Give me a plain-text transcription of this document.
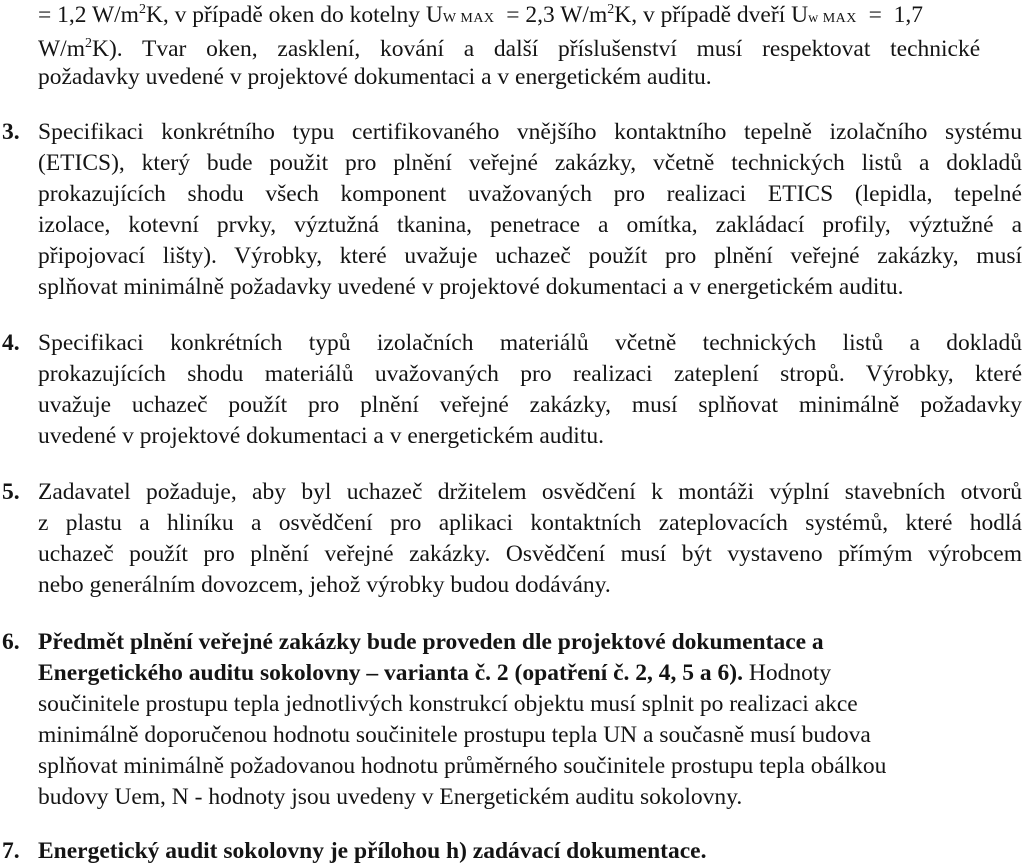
= 1,2 $W/m^2K$, v případě oken do kotelny UW MAX  = 2,3 $W/m^2K$, v případě dveří Uw MAX  =  1,7
$W/m^2K$).  Tvar  oken,  zasklení,  kování  a  další  příslušenství  musí  respektovat  technické
požadavky uvedené v projektové dokumentaci a v energetickém auditu.
3. Specifikaci konkrétního typu certifikovaného vnějšího kontaktního tepelně izolačního systému
(ETICS), který bude použit pro plnění veřejné zakázky, včetně technických listů a dokladů
prokazujících shodu všech komponent uvažovaných pro realizaci ETICS (lepidla, tepelné
izolace, kotevní prvky, výztužná tkanina, penetrace a omítka, zakládací profily, výztužné a
připojovací lišty). Výrobky, které uvažuje uchazeč použít pro plnění veřejné zakázky, musí
splňovat minimálně požadavky uvedené v projektové dokumentaci a v energetickém auditu.
4. Specifikaci konkrétních typů izolačních materiálů včetně technických listů a dokladů
prokazujících shodu materiálů uvažovaných pro realizaci zateplení stropů. Výrobky, které
uvažuje uchazeč použít pro plnění veřejné zakázky, musí splňovat minimálně požadavky
uvedené v projektové dokumentaci a v energetickém auditu.
5. Zadavatel požaduje, aby byl uchazeč držitelem osvědčení k montáži výplní stavebních otvorů
z plastu a hliníku a osvědčení pro aplikaci kontaktních zateplovacích systémů, které hodlá
uchazeč použít pro plnění veřejné zakázky. Osvědčení musí být vystaveno přímým výrobcem
nebo generálním dovozcem, jehož výrobky budou dodávány.
6. Předmět plnění veřejné zakázky bude proveden dle projektové dokumentace a
Energetického auditu sokolovny – varianta č. 2 (opatření č. 2, 4, 5 a 6). Hodnoty
součinitele prostupu tepla jednotlivých konstrukcí objektu musí splnit po realizaci akce
minimálně doporučenou hodnotu součinitele prostupu tepla UN a současně musí budova
splňovat minimálně požadovanou hodnotu průměrného součinitele prostupu tepla obálkou
budovy Uem, N - hodnoty jsou uvedeny v Energetickém auditu sokolovny.
7. Energetický audit sokolovny je přílohou h) zadávací dokumentace.
